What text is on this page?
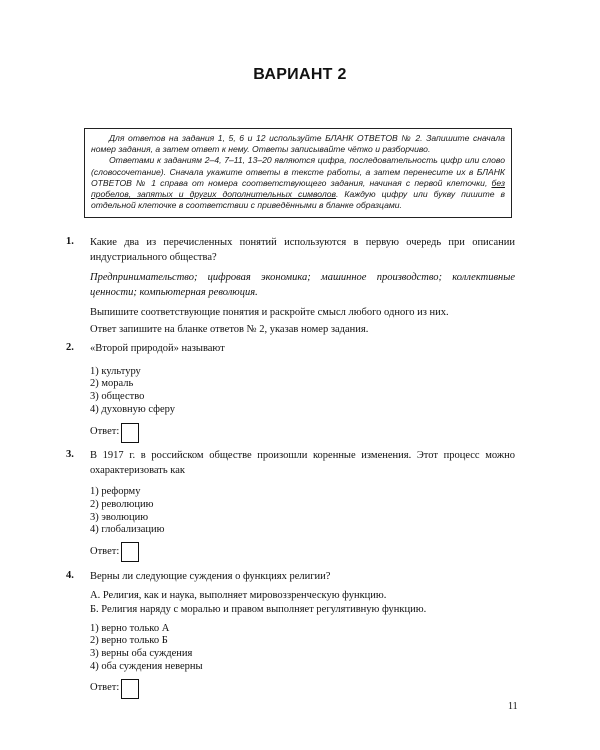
ВАРИАНТ 2

Для ответов на задания 1, 5, 6 и 12 используйте БЛАНК ОТВЕТОВ № 2. Запишите сначала номер задания, а затем ответ к нему. Ответы записывайте чётко и разборчиво.

Ответами к заданиям 2–4, 7–11, 13–20 являются цифра, последовательность цифр или слово (словосочетание). Сначала укажите ответы в тексте работы, а затем перенесите их в БЛАНК ОТВЕТОВ № 1 справа от номера соответствующего задания, начиная с первой клеточки, без пробелов, запятых и других дополнительных символов. Каждую цифру или букву пишите в отдельной клеточке в соответствии с приведёнными в бланке образцами.

1. Какие два из перечисленных понятий используются в первую очередь при описании индустриального общества?

Предпринимательство; цифровая экономика; машинное производство; коллективные ценности; компьютерная революция.

Выпишите соответствующие понятия и раскройте смысл любого одного из них.

Ответ запишите на бланке ответов № 2, указав номер задания.

2. «Второй природой» называют

1) культуру
2) мораль
3) общество
4) духовную сферу
Ответ:
3. В 1917 г. в российском обществе произошли коренные изменения. Этот процесс можно охарактеризовать как

1) реформу
2) революцию
3) эволюцию
4) глобализацию
Ответ:
4. Верны ли следующие суждения о функциях религии?

А. Религия, как и наука, выполняет мировоззренческую функцию.

Б. Религия наряду с моралью и правом выполняет регулятивную функцию.

1) верно только А
2) верно только Б
3) верны оба суждения
4) оба суждения неверны
Ответ:
11
